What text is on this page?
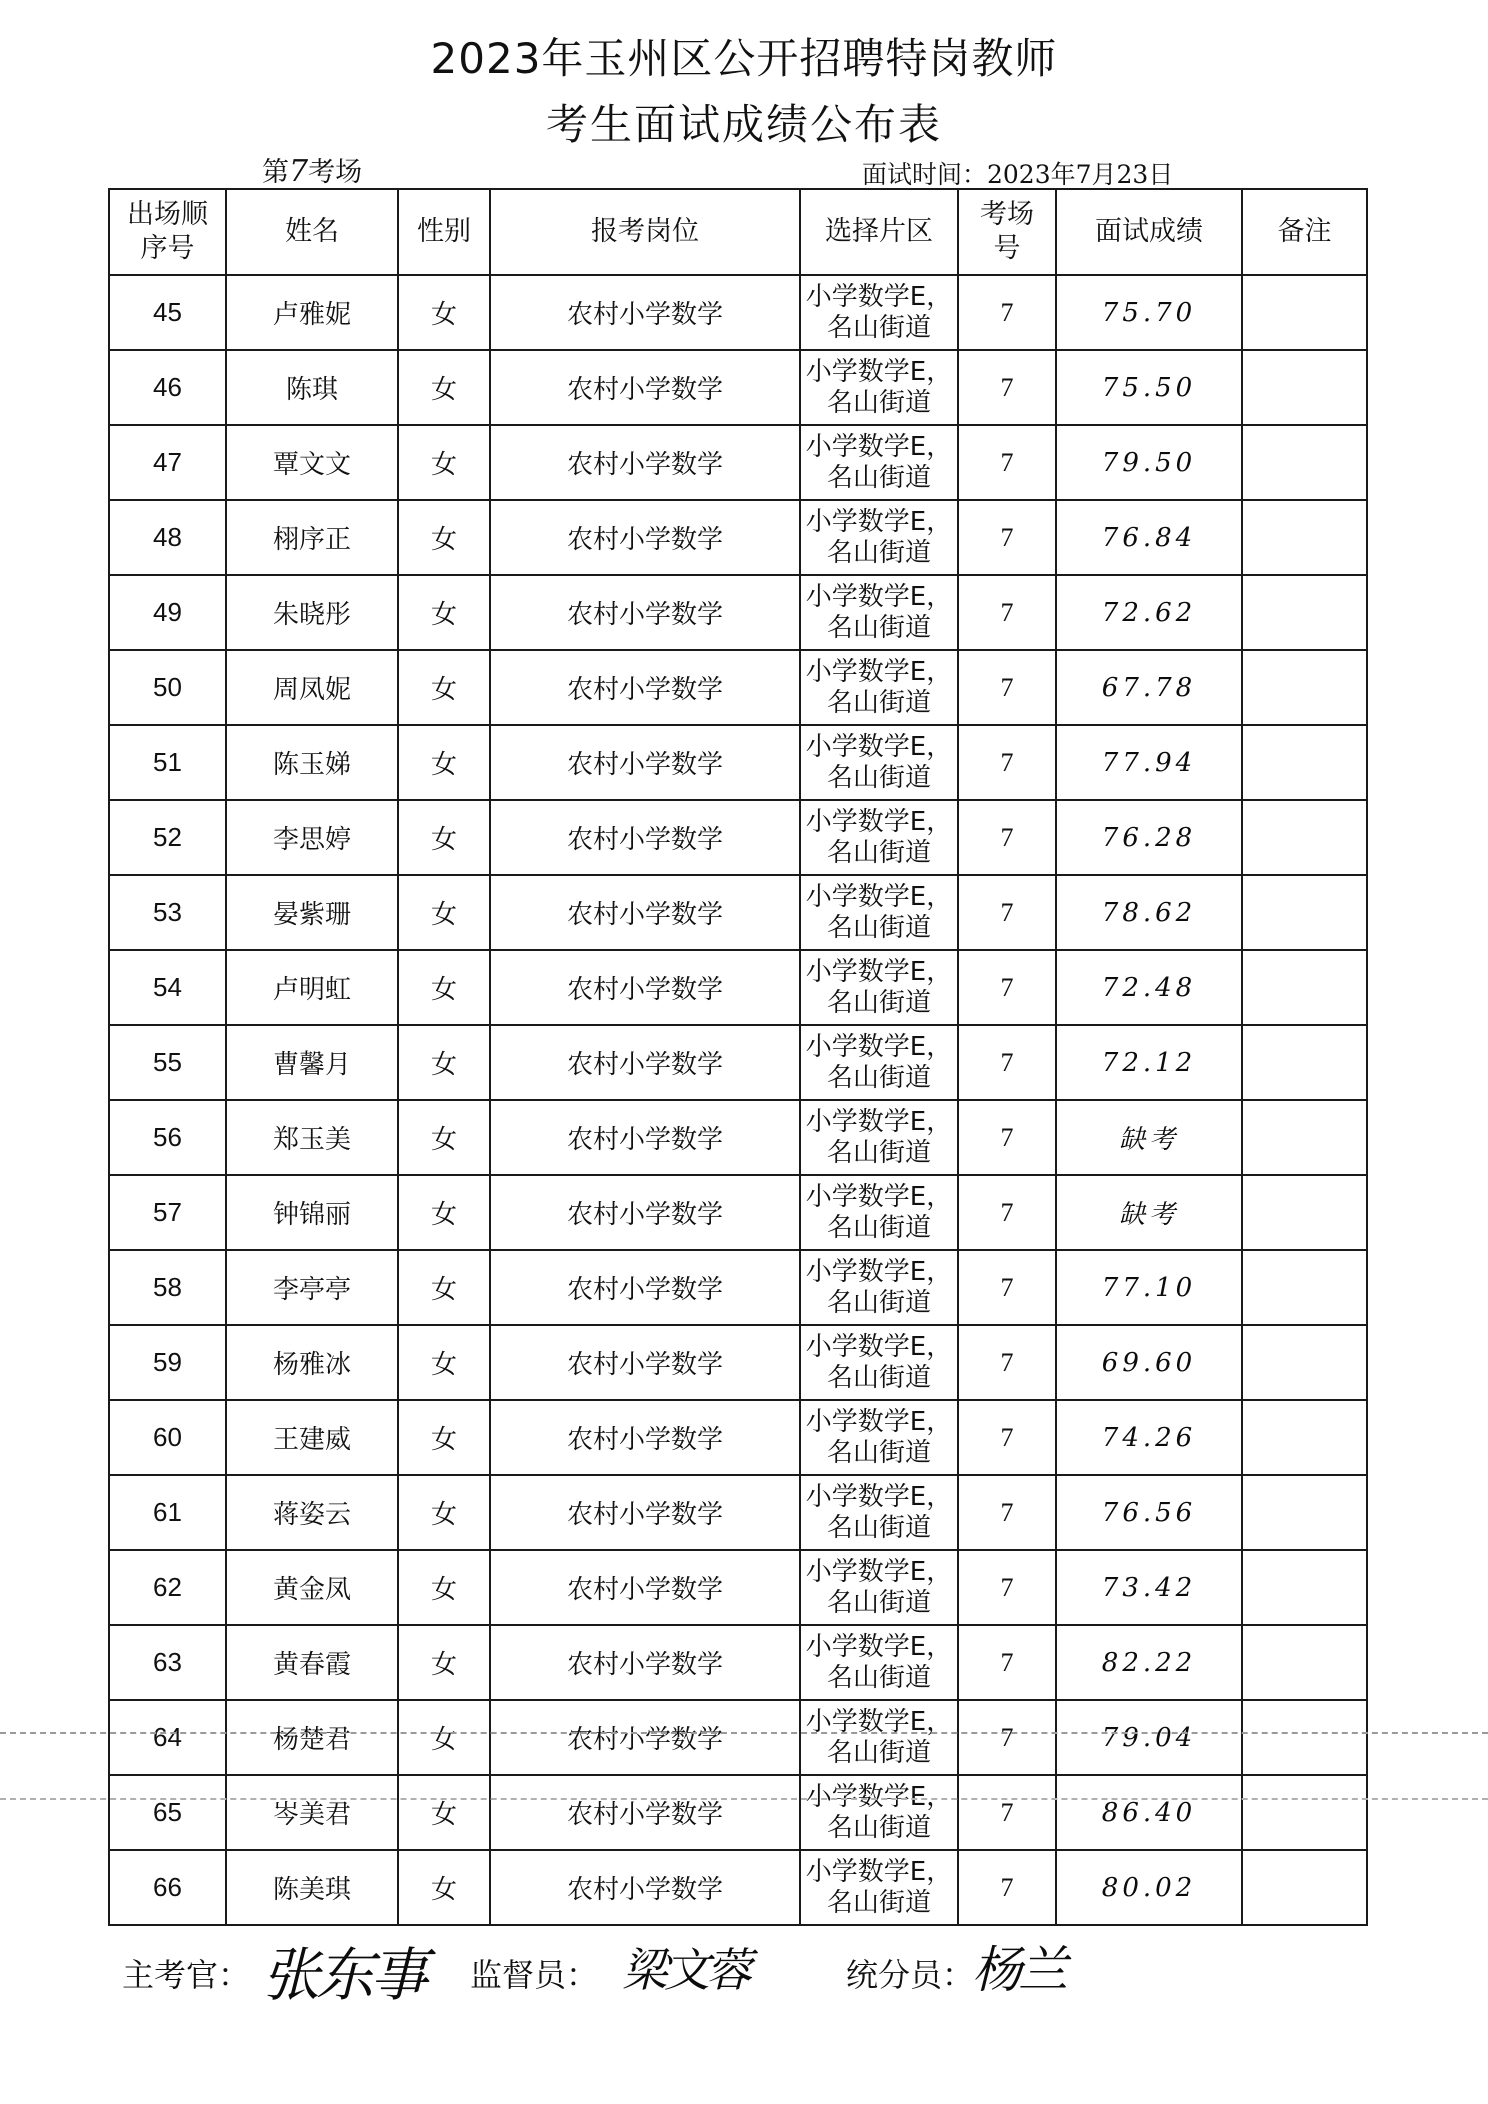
2023年玉州区公开招聘特岗教师
考生面试成绩公布表
第7考场	面试时间：2023年7月23日
出场顺
序号	姓名	性别	报考岗位	选择片区	考场
号	面试成绩	备注
45	卢雅妮	女	农村小学数学	小学数学E，
名山街道	7	75.70	
46	陈琪	女	农村小学数学	小学数学E，
名山街道	7	75.50	
47	覃文文	女	农村小学数学	小学数学E，
名山街道	7	79.50	
48	栩序正	女	农村小学数学	小学数学E，
名山街道	7	76.84	
49	朱晓彤	女	农村小学数学	小学数学E，
名山街道	7	72.62	
50	周凤妮	女	农村小学数学	小学数学E，
名山街道	7	67.78	
51	陈玉娣	女	农村小学数学	小学数学E，
名山街道	7	77.94	
52	李思婷	女	农村小学数学	小学数学E，
名山街道	7	76.28	
53	晏紫珊	女	农村小学数学	小学数学E，
名山街道	7	78.62	
54	卢明虹	女	农村小学数学	小学数学E，
名山街道	7	72.48	
55	曹馨月	女	农村小学数学	小学数学E，
名山街道	7	72.12	
56	郑玉美	女	农村小学数学	小学数学E，
名山街道	7	缺考	
57	钟锦丽	女	农村小学数学	小学数学E，
名山街道	7	缺考	
58	李亭亭	女	农村小学数学	小学数学E，
名山街道	7	77.10	
59	杨雅冰	女	农村小学数学	小学数学E，
名山街道	7	69.60	
60	王建威	女	农村小学数学	小学数学E，
名山街道	7	74.26	
61	蒋姿云	女	农村小学数学	小学数学E，
名山街道	7	76.56	
62	黄金凤	女	农村小学数学	小学数学E，
名山街道	7	73.42	
63	黄春霞	女	农村小学数学	小学数学E，
名山街道	7	82.22	
64	杨楚君	女	农村小学数学	小学数学E，
名山街道	7	79.04	
65	岑美君	女	农村小学数学	小学数学E，
名山街道	7	86.40	
66	陈美琪	女	农村小学数学	小学数学E，
名山街道	7	80.02	
主考官： 张东事 监督员： 梁文蓉	统分员：
杨兰
